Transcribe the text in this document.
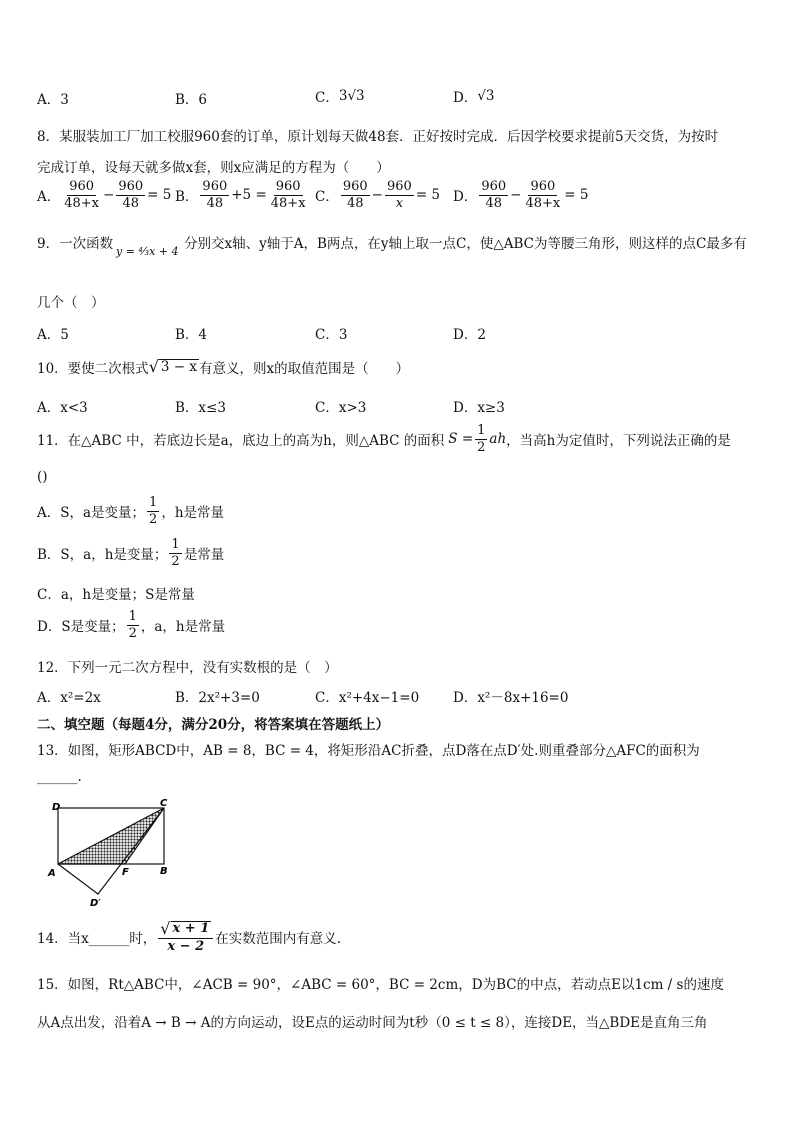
A．3	B．6	C． 3 √3	D． √3
8．某服装加工厂加工校服960套的订单，原计划每天做48套．正好按时完成．后因学校要求提前5天交货，为按时
完成订单，设每天就多做x套，则x应满足的方程为（　　）
A． $\frac{960}{48+x} - \frac{960}{48} = 5$ B． $\frac{960}{48} +5 = \frac{960}{48+x}$ C． $\frac{960}{48} - \frac{960}{x} = 5$ D． $\frac{960}{48} - \frac{960}{48+x} = 5$
9．一次函数 y = ⁴⁄₃x + 4 分别交x轴、y轴于A，B两点，在y轴上取一点C，使△ABC为等腰三角形，则这样的点C最多有
几个（　）
A．5	B．4	C．3	D．2
10．要使二次根式 √ 3 − x 有意义，则x的取值范围是（　　）
A．x<3	B．x≤3	C．x>3	D．x≥3
11．在△ABC 中，若底边长是a，底边上的高为h，则△ABC 的面积 $S = \frac{1}{2}$ ah ，当高h为定值时，下列说法正确的是
()
A．S，a是变量； $\frac{1}{2}$ ，h是常量
B．S，a，h是变量； $\frac{1}{2}$ 是常量
C．a，h是变量；S是常量
D．S是变量； $\frac{1}{2}$ ，a，h是常量
12．下列一元二次方程中，没有实数根的是（　）
A．x²=2x	B．2x²+3=0	C．x²+4x−1=0	D．x²－8x+16=0
二、填空题（每题4分，满分20分，将答案填在答题纸上）
13．如图，矩形ABCD中，AB = 8，BC = 4，将矩形沿AC折叠，点D落在点D′处.则重叠部分△AFC的面积为
______.
D	C
A	B
F
D′
14．当x______时， $\frac{√ x + 1}{x - 2}$ 在实数范围内有意义.
15．如图，Rt△ABC中，∠ACB = 90°，∠ABC = 60°，BC = 2cm，D为BC的中点，若动点E以1cm / s的速度
从A点出发，沿着A → B → A的方向运动，设E点的运动时间为t秒（0 ≤ t ≤ 8），连接DE，当△BDE是直角三角
